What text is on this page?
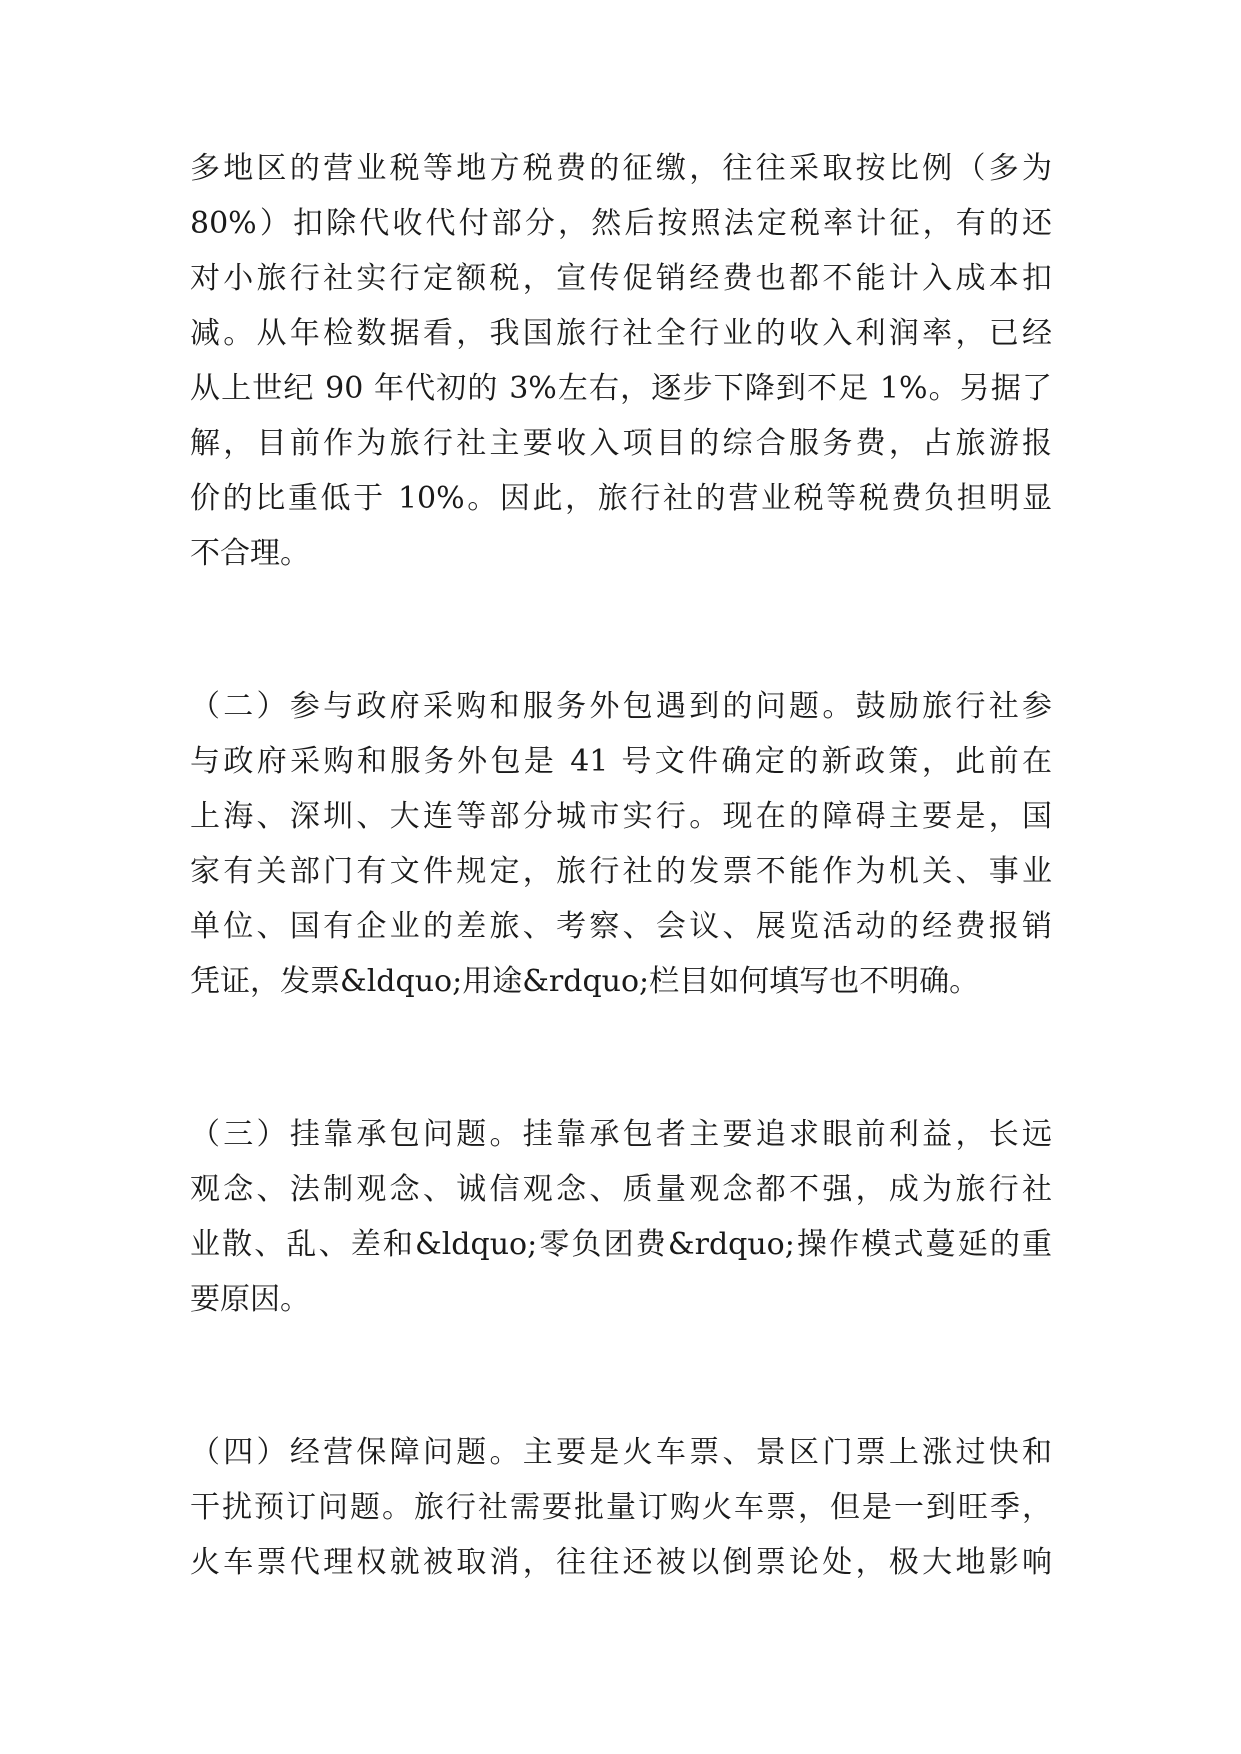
多地区的营业税等地方税费的征缴，往往采取按比例（多为
80%）扣除代收代付部分，然后按照法定税率计征，有的还
对小旅行社实行定额税，宣传促销经费也都不能计入成本扣
减。从年检数据看，我国旅行社全行业的收入利润率，已经
从上世纪 90 年代初的 3%左右，逐步下降到不足 1%。另据了
解，目前作为旅行社主要收入项目的综合服务费，占旅游报
价的比重低于 10%。因此，旅行社的营业税等税费负担明显
不合理。
（二）参与政府采购和服务外包遇到的问题。鼓励旅行社参
与政府采购和服务外包是 41 号文件确定的新政策，此前在
上海、深圳、大连等部分城市实行。现在的障碍主要是，国
家有关部门有文件规定，旅行社的发票不能作为机关、事业
单位、国有企业的差旅、考察、会议、展览活动的经费报销
凭证，发票&ldquo;用途&rdquo;栏目如何填写也不明确。
（三）挂靠承包问题。挂靠承包者主要追求眼前利益，长远
观念、法制观念、诚信观念、质量观念都不强，成为旅行社
业散、乱、差和&ldquo;零负团费&rdquo;操作模式蔓延的重
要原因。
（四）经营保障问题。主要是火车票、景区门票上涨过快和
干扰预订问题。旅行社需要批量订购火车票，但是一到旺季，
火车票代理权就被取消，往往还被以倒票论处，极大地影响
